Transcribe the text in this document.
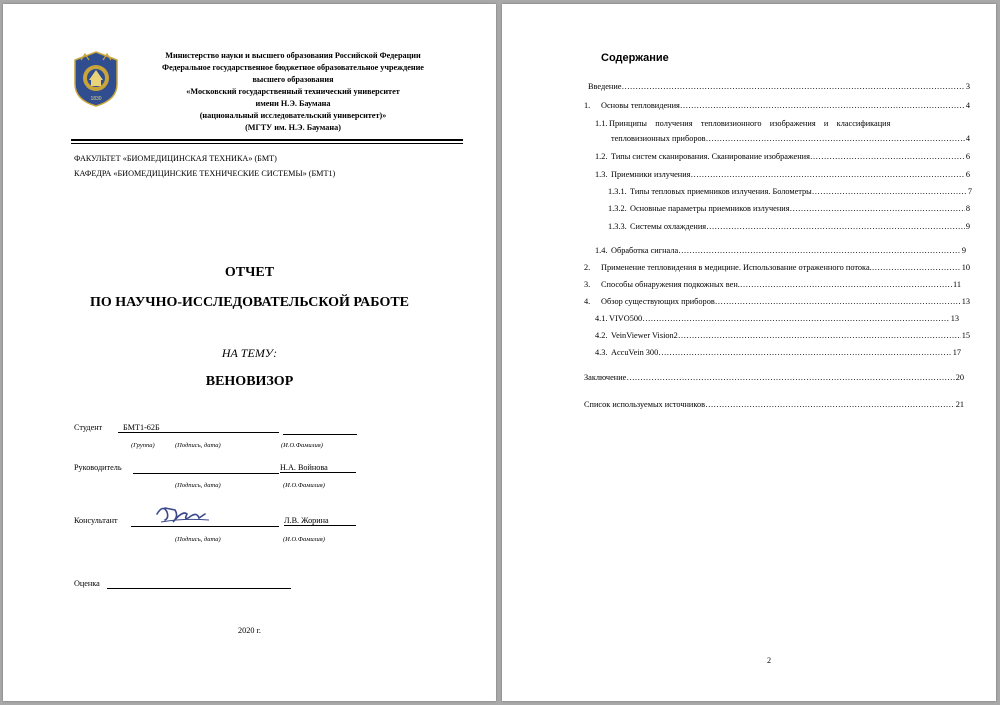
1830
Министерство науки и высшего образования Российской Федерации
Федеральное государственное бюджетное образовательное учреждение
высшего образования
«Московский государственный технический университет
имени Н.Э. Баумана
(национальный исследовательский университет)»
(МГТУ им. Н.Э. Баумана)
ФАКУЛЬТЕТ «БИОМЕДИЦИНСКАЯ ТЕХНИКА» (БМТ)
КАФЕДРА «БИОМЕДИЦИНСКИЕ ТЕХНИЧЕСКИЕ СИСТЕМЫ» (БМТ1)
ОТЧЕТ
ПО НАУЧНО-ИССЛЕДОВАТЕЛЬСКОЙ РАБОТЕ
НА ТЕМУ:
ВЕНОВИЗОР
Студент	БМТ1-62Б
(Группа)	(Подпись, дата)	(И.О.Фамилия)
Руководитель	Н.А. Войнова
(Подпись, дата)	(И.О.Фамилия)
Консультант	Л.В. Жорина
(Подпись, дата)	(И.О.Фамилия)
Оценка
2020 г.
Содержание
Введение …………………………………………………………………………………………………………………………………………………………………………………………………………………………………………………	3
1.	Основы тепловидения …………………………………………………………………………………………………………………………………………………………………………………………………………………………………………………	4
1.1. Принципы    получения    тепловизионного    изображения    и    классификация
тепловизионных приборов …………………………………………………………………………………………………………………………………………………………………………………………………………………………………………………	4
1.2. Типы систем сканирования. Сканирование изображения …………………………………………………………………………………………………………………………………………………………………………………………………………………………………………………	6
1.3. Приемники излучения …………………………………………………………………………………………………………………………………………………………………………………………………………………………………………………	6
1.3.1. Типы тепловых приемников излучения. Болометры …………………………………………………………………………………………………………………………………………………………………………………………………………………………………………………	7
1.3.2. Основные параметры приемников излучения …………………………………………………………………………………………………………………………………………………………………………………………………………………………………………………	8
1.3.3. Системы охлаждения …………………………………………………………………………………………………………………………………………………………………………………………………………………………………………………	9
1.4. Обработка сигнала …………………………………………………………………………………………………………………………………………………………………………………………………………………………………………………	9
2.	Применение тепловидения в медицине. Использование отраженного потока. …………………………………………………………………………………………………………………………………………………………………………………………………………………………………………………	10
3.	Способы обнаружения подкожных вен. …………………………………………………………………………………………………………………………………………………………………………………………………………………………………………………	11
4.	Обзор существующих приборов …………………………………………………………………………………………………………………………………………………………………………………………………………………………………………………	13
4.1. VIVO500 …………………………………………………………………………………………………………………………………………………………………………………………………………………………………………………	13
4.2. VeinViewer Vision2 …………………………………………………………………………………………………………………………………………………………………………………………………………………………………………………	15
4.3. AccuVein 300 …………………………………………………………………………………………………………………………………………………………………………………………………………………………………………………	17
Заключение …………………………………………………………………………………………………………………………………………………………………………………………………………………………………………………	20
Список используемых источников …………………………………………………………………………………………………………………………………………………………………………………………………………………………………………………	21
2
